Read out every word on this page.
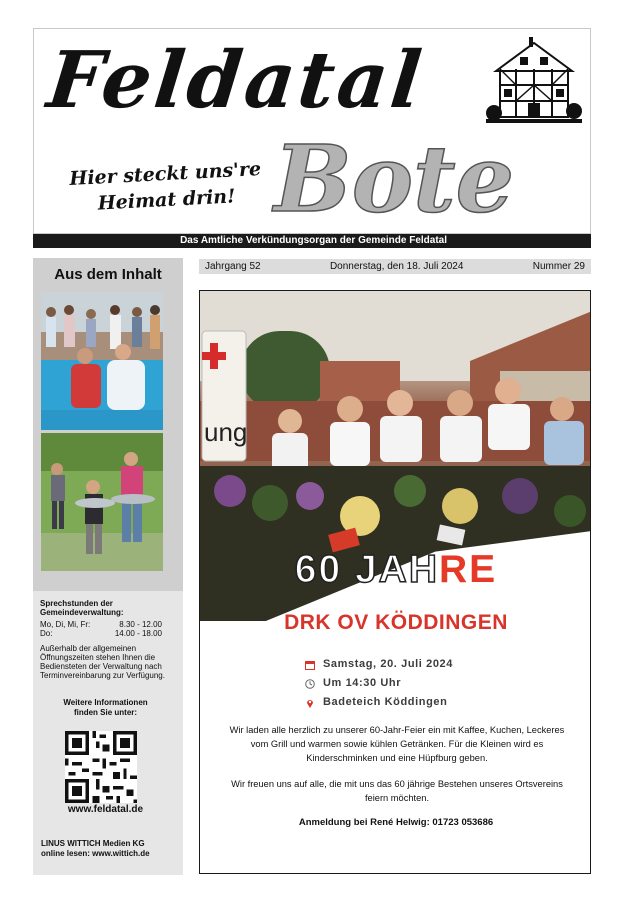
Feldatal
Hier steckt uns're
Heimat drin! Bote
Das Amtliche Verkündungsorgan der Gemeinde Feldatal
Aus dem Inhalt
Sprechstunden der
Gemeindeverwaltung:
Mo, Di, Mi, Fr:	8.30 - 12.00
Do:	14.00 - 18.00
Außerhalb der allgemeinen Öffnungszeiten stehen Ihnen die Bediensteten der Verwaltung nach Terminvereinbarung zur Verfügung.
Weitere Informationen
finden Sie unter:
www.feldatal.de
LINUS WITTICH Medien KG
online lesen: www.wittich.de
Jahrgang 52	Donnerstag, den 18. Juli 2024	Nummer 29
ung
60 JAHRE
DRK OV KÖDDINGEN
Samstag, 20. Juli 2024
Um 14:30 Uhr
Badeteich Köddingen
Wir laden alle herzlich zu unserer 60-Jahr-Feier ein mit Kaffee, Kuchen, Leckeres vom Grill und warmen sowie kühlen Getränken. Für die Kleinen wird es Kinderschminken und eine Hüpfburg geben.
Wir freuen uns auf alle, die mit uns das 60 jährige Bestehen unseres Ortsvereins feiern möchten.
Anmeldung bei René Helwig: 01723 053686
